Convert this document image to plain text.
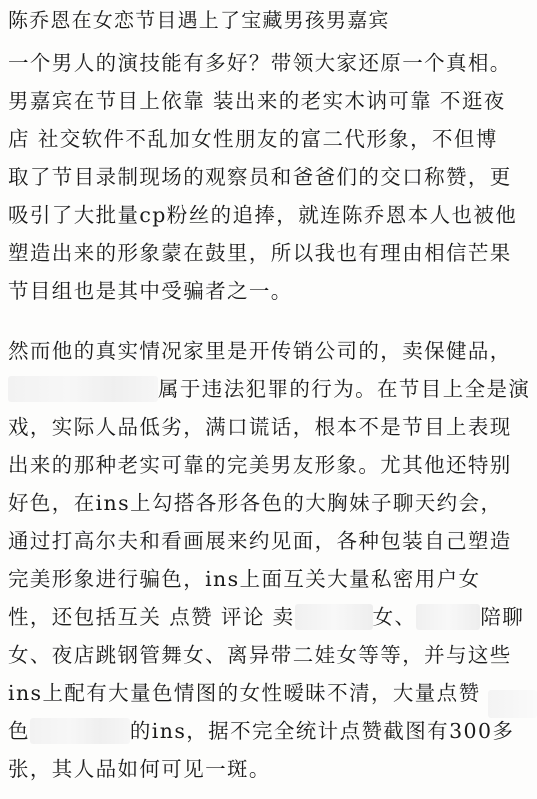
陈乔恩在女恋节目遇上了宝藏男孩男嘉宾
一个男人的演技能有多好？带领大家还原一个真相。
男嘉宾在节目上依靠 装出来的老实木讷可靠 不逛夜
店 社交软件不乱加女性朋友的富二代形象，不但博
取了节目录制现场的观察员和爸爸们的交口称赞，更
吸引了大批量cp粉丝的追捧，就连陈乔恩本人也被他
塑造出来的形象蒙在鼓里，所以我也有理由相信芒果
节目组也是其中受骗者之一。
然而他的真实情况家里是开传销公司的，卖保健品，
属于违法犯罪的行为。在节目上全是演
戏，实际人品低劣，满口谎话，根本不是节目上表现
出来的那种老实可靠的完美男友形象。尤其他还特别
好色，在ins上勾搭各形各色的大胸妹子聊天约会，
通过打高尔夫和看画展来约见面，各种包装自己塑造
完美形象进行骗色，ins上面互关大量私密用户女
性，还包括互关 点赞 评论 卖	女、	陪聊
女、夜店跳钢管舞女、离异带二娃女等等，并与这些
ins上配有大量色情图的女性暧昧不清，大量点赞
色	的ins，据不完全统计点赞截图有300多
张，其人品如何可见一斑。
